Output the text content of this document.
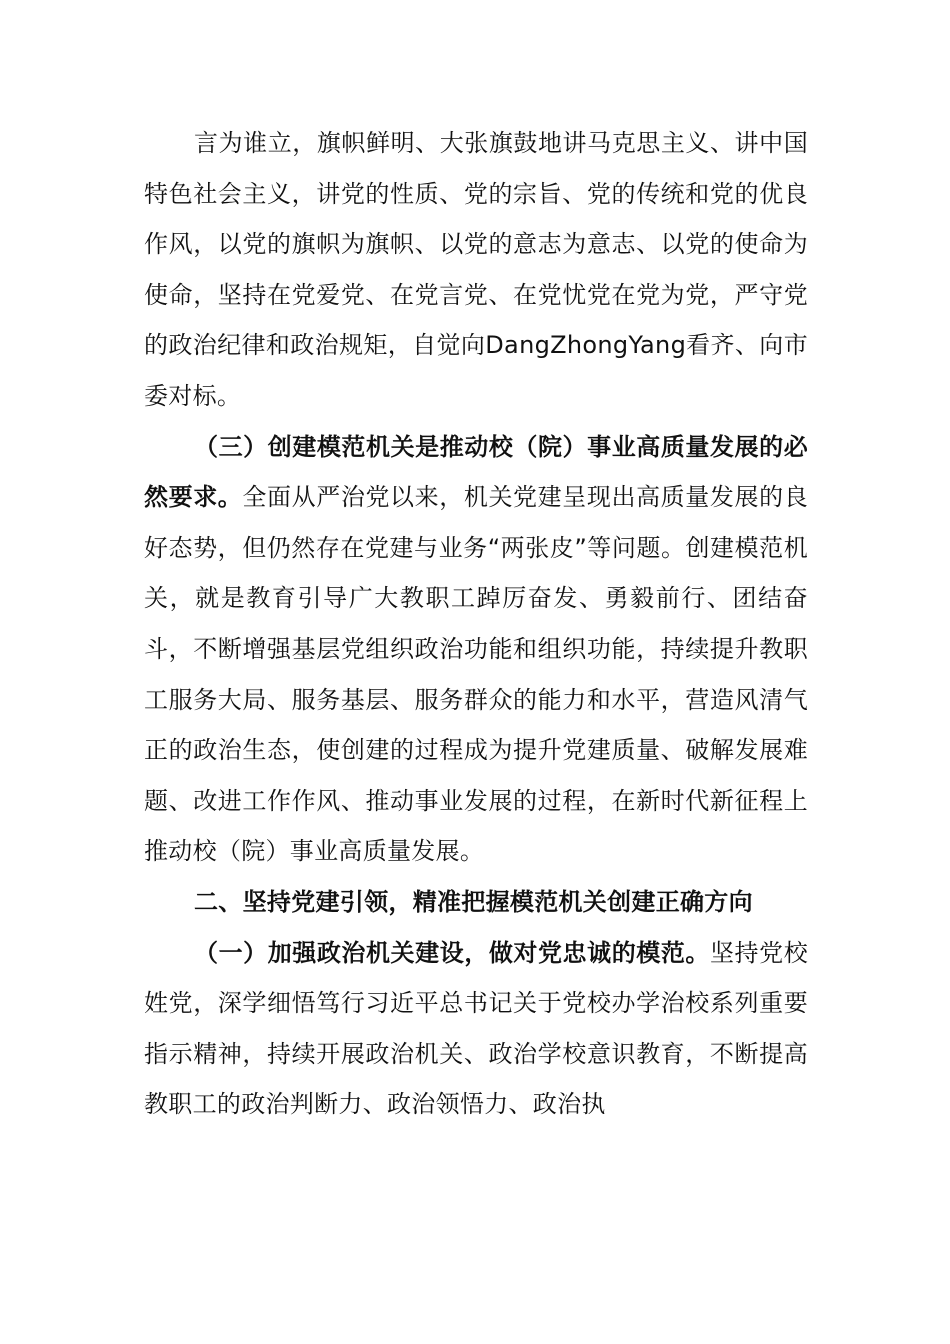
言为谁立，旗帜鲜明、大张旗鼓地讲马克思主义、讲中国特色社会主义，讲党的性质、党的宗旨、党的传统和党的优良作风，以党的旗帜为旗帜、以党的意志为意志、以党的使命为使命，坚持在党爱党、在党言党、在党忧党在党为党，严守党的政治纪律和政治规矩，自觉向DangZhongYang看齐、向市委对标。

（三）创建模范机关是推动校（院）事业高质量发展的必然要求。全面从严治党以来，机关党建呈现出高质量发展的良好态势，但仍然存在党建与业务“两张皮”等问题。创建模范机关，就是教育引导广大教职工踔厉奋发、勇毅前行、团结奋斗，不断增强基层党组织政治功能和组织功能，持续提升教职工服务大局、服务基层、服务群众的能力和水平，营造风清气正的政治生态，使创建的过程成为提升党建质量、破解发展难题、改进工作作风、推动事业发展的过程，在新时代新征程上推动校（院）事业高质量发展。

二、坚持党建引领，精准把握模范机关创建正确方向

（一）加强政治机关建设，做对党忠诚的模范。坚持党校姓党，深学细悟笃行习近平总书记关于党校办学治校系列重要指示精神，持续开展政治机关、政治学校意识教育，不断提高教职工的政治判断力、政治领悟力、政治执
